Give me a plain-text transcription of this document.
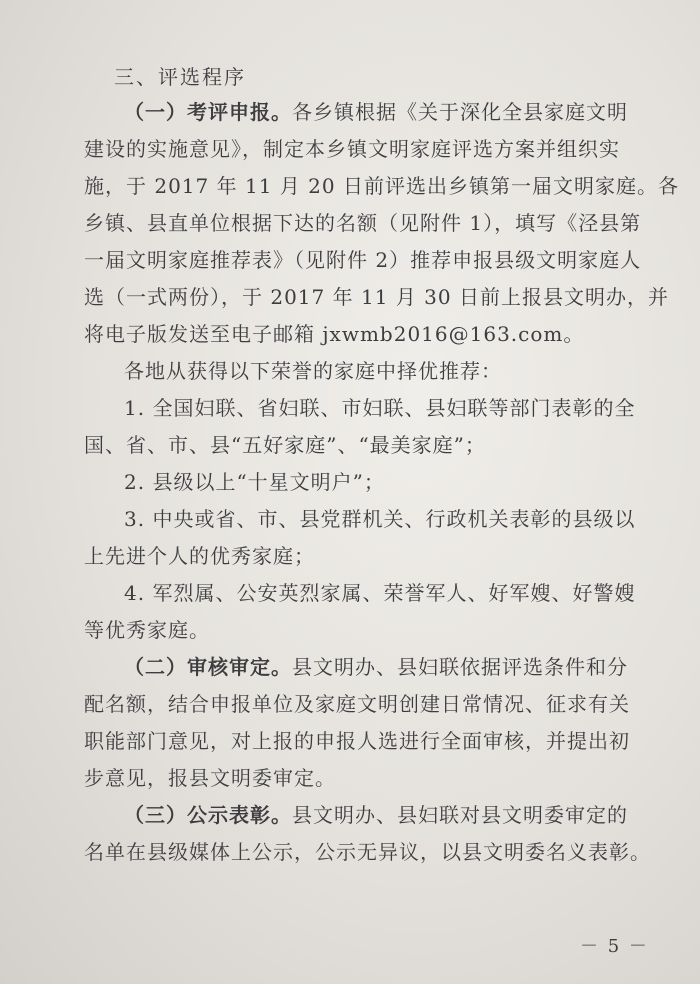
三、评选程序
（一）考评申报。各乡镇根据《关于深化全县家庭文明
建设的实施意见》，制定本乡镇文明家庭评选方案并组织实
施，于 2017 年 11 月 20 日前评选出乡镇第一届文明家庭。各
乡镇、县直单位根据下达的名额（见附件 1），填写《泾县第
一届文明家庭推荐表》（见附件 2）推荐申报县级文明家庭人
选（一式两份），于 2017 年 11 月 30 日前上报县文明办，并
将电子版发送至电子邮箱 jxwmb2016@163.com。
各地从获得以下荣誉的家庭中择优推荐：
1. 全国妇联、省妇联、市妇联、县妇联等部门表彰的全
国、省、市、县“五好家庭”、“最美家庭”；
2. 县级以上“十星文明户”；
3. 中央或省、市、县党群机关、行政机关表彰的县级以
上先进个人的优秀家庭；
4. 军烈属、公安英烈家属、荣誉军人、好军嫂、好警嫂
等优秀家庭。
（二）审核审定。县文明办、县妇联依据评选条件和分
配名额，结合申报单位及家庭文明创建日常情况、征求有关
职能部门意见，对上报的申报人选进行全面审核，并提出初
步意见，报县文明委审定。
（三）公示表彰。县文明办、县妇联对县文明委审定的
名单在县级媒体上公示，公示无异议，以县文明委名义表彰。
－ 5 －
